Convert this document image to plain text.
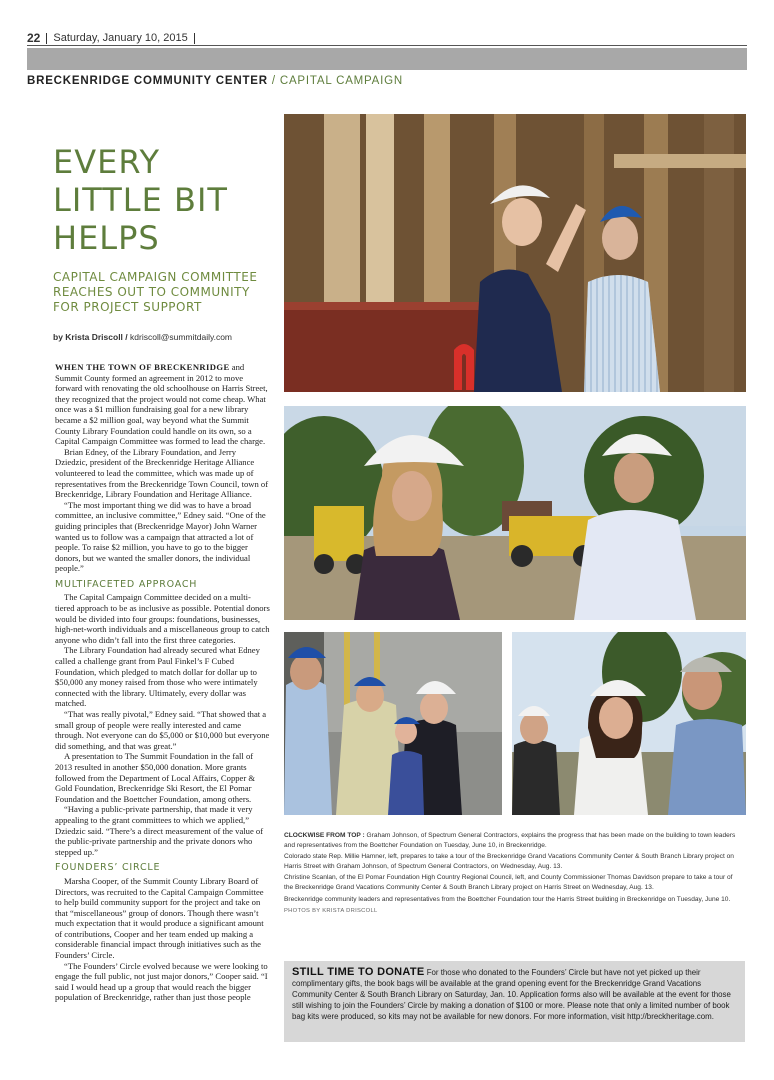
22 Saturday, January 10, 2015
BRECKENRIDGE COMMUNITY CENTER / CAPITAL CAMPAIGN
EVERY
LITTLE BIT
HELPS
CAPITAL CAMPAIGN COMMITTEE
REACHES OUT TO COMMUNITY
FOR PROJECT SUPPORT
by Krista Driscoll / kdriscoll@summitdaily.com

WHEN THE TOWN OF BRECKENRIDGE and Summit County formed an agreement in 2012 to move forward with renovating the old schoolhouse on Harris Street, they recognized that the project would not come cheap. What once was a $1 million fundraising goal for a new library became a $2 million goal, way beyond what the Summit County Library Foundation could handle on its own, so a Capital Campaign Committee was formed to lead the charge.

Brian Edney, of the Library Foundation, and Jerry Dziedzic, president of the Breckenridge Heritage Alliance volunteered to lead the committee, which was made up of representatives from the Breckenridge Town Council, town of Breckenridge, Library Foundation and Heritage Alliance.

“The most important thing we did was to have a broad committee, an inclusive committee,” Edney said. “One of the guiding principles that (Breckenridge Mayor) John Warner wanted us to follow was a campaign that attracted a lot of people. To raise $2 million, you have to go to the bigger donors, but we wanted the smaller donors, the individual people.”

MULTIFACETED APPROACH

The Capital Campaign Committee decided on a multi-tiered approach to be as inclusive as possible. Potential donors would be divided into four groups: foundations, businesses, high-net-worth individuals and a miscellaneous group to catch anyone who didn’t fall into the first three categories.

The Library Foundation had already secured what Edney called a challenge grant from Paul Finkel’s F Cubed Foundation, which pledged to match dollar for dollar up to $50,000 any money raised from those who were intimately connected with the library. Ultimately, every dollar was matched.

“That was really pivotal,” Edney said. “That showed that a small group of people were really interested and came through. Not everyone can do $5,000 or $10,000 but everyone did something, and that was great.”

A presentation to The Summit Foundation in the fall of 2013 resulted in another $50,000 donation. More grants followed from the Department of Local Affairs, Copper & Gold Foundation, Breckenridge Ski Resort, the El Pomar Foundation and the Boettcher Foundation, among others.

“Having a public-private partnership, that made it very appealing to the grant committees to which we applied,” Dziedzic said. “There’s a direct measurement of the value of the public-private partnership and the private donors who stepped up.”

FOUNDERS’ CIRCLE

Marsha Cooper, of the Summit County Library Board of Directors, was recruited to the Capital Campaign Committee to help build community support for the project and take on that “miscellaneous” group of donors. Though there wasn’t much expectation that it would produce a significant amount of contributions, Cooper and her team ended up making a considerable financial impact through initiatives such as the Founders’ Circle.

“The Founders’ Circle evolved because we were looking to engage the full public, not just major donors,” Cooper said. “I said I would head up a group that would reach the bigger population of Breckenridge, rather than just those people

CLOCKWISE FROM TOP : Graham Johnson, of Spectrum General Contractors, explains the progress that has been made on the building to town leaders and representatives from the Boettcher Foundation on Tuesday, June 10, in Breckenridge.

Colorado state Rep. Millie Hamner, left, prepares to take a tour of the Breckenridge Grand Vacations Community Center & South Branch Library project on Harris Street with Graham Johnson, of Spectrum General Contractors, on Wednesday, Aug. 13.

Christine Scanlan, of the El Pomar Foundation High Country Regional Council, left, and County Commissioner Thomas Davidson prepare to take a tour of the Breckenridge Grand Vacations Community Center & South Branch Library project on Harris Street on Wednesday, Aug. 13.

Breckenridge community leaders and representatives from the Boettcher Foundation tour the Harris Street building in Breckenridge on Tuesday, June 10.

PHOTOS BY KRISTA DRISCOLL

STILL TIME TO DONATE For those who donated to the Founders’ Circle but have not yet picked up their complimentary gifts, the book bags will be available at the grand opening event for the Breckenridge Grand Vacations Community Center & South Branch Library on Saturday, Jan. 10. Application forms also will be available at the event for those still wishing to join the Founders’ Circle by making a donation of $100 or more. Please note that only a limited number of book bag kits were produced, so kits may not be available for new donors. For more information, visit http://breckheritage.com.
